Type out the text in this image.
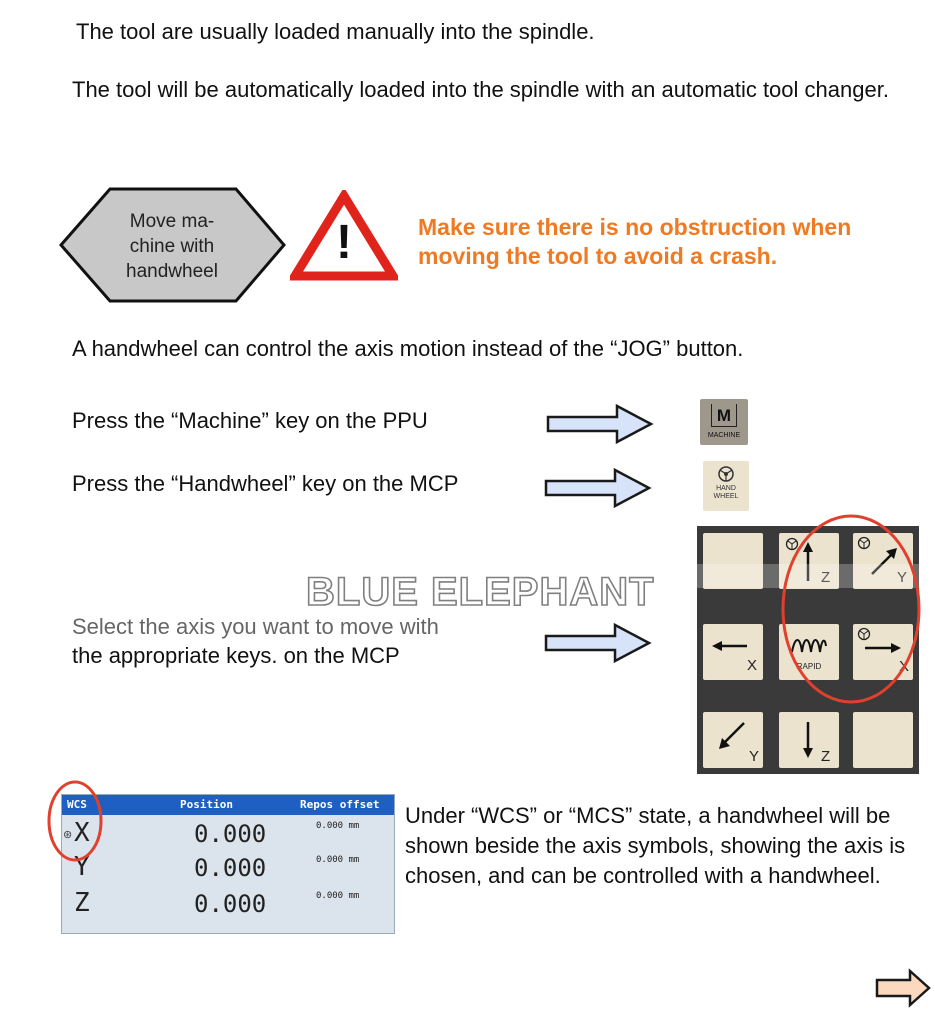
The tool are usually loaded manually into the spindle.
The tool will be automatically loaded into the spindle with an automatic tool changer.
Move ma-chine with handwheel
!	Make sure there is no obstruction when moving the tool to avoid a crash.
A handwheel can control the axis motion instead of the “JOG” button.
Press the “Machine” key on the PPU	M
MACHINE
Press the “Handwheel” key on the MCP	HAND
WHEEL
Select the axis you want to move with
the appropriate keys. on the MCP
Z	Y
X	RAPID	X
Y	Z
BLUE ELEPHANT
WCS	Position	Repos offset
⊛ X	0.000	0.000 mm
Y	0.000	0.000 mm
Z	0.000	0.000 mm
Under “WCS” or “MCS” state, a handwheel will be shown beside the axis symbols, showing the axis is chosen, and can be controlled with a handwheel.
